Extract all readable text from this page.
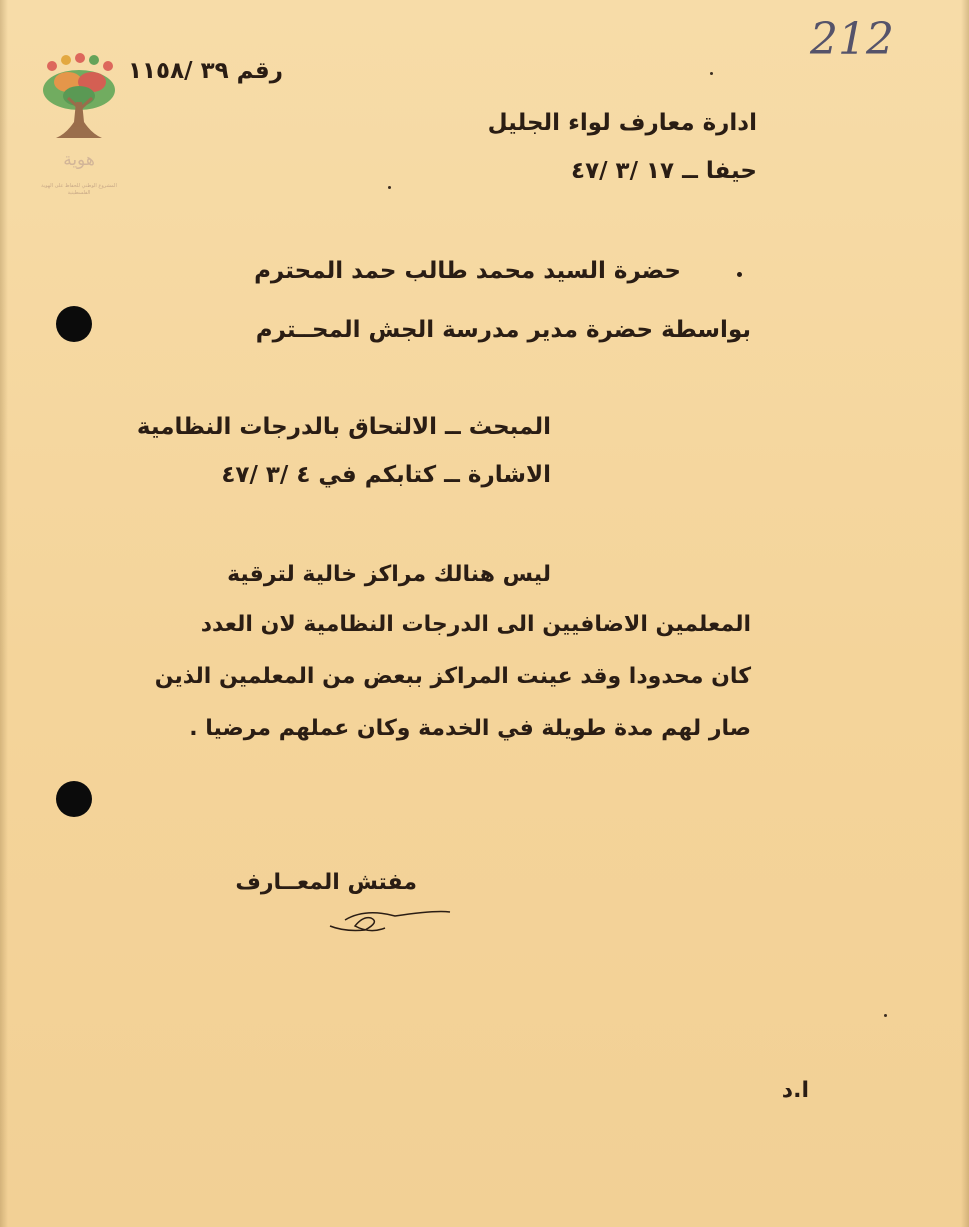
هوية
المشروع الوطني للحفاظ على الهوية الفلسطينية
212
رقم ٣٩ /١١٥٨
ادارة معارف لواء الجليل
حيفا ــ ١٧ /٣ /٤٧
حضرة السيد محمد طالب حمد المحترم
بواسطة حضرة مدير مدرسة الجش المحــترم
المبحث ــ الالتحاق بالدرجات النظامية
الاشارة ــ كتابكم في ٤ /٣ /٤٧
ليس هنالك مراكز خالية لترقية
المعلمين الاضافيين الى الدرجات النظامية لان العدد
كان محدودا وقد عينت المراكز ببعض من المعلمين الذين
صار لهم مدة طويلة في الخدمة وكان عملهم مرضيا .
مفتش المعــارف
ا.د
